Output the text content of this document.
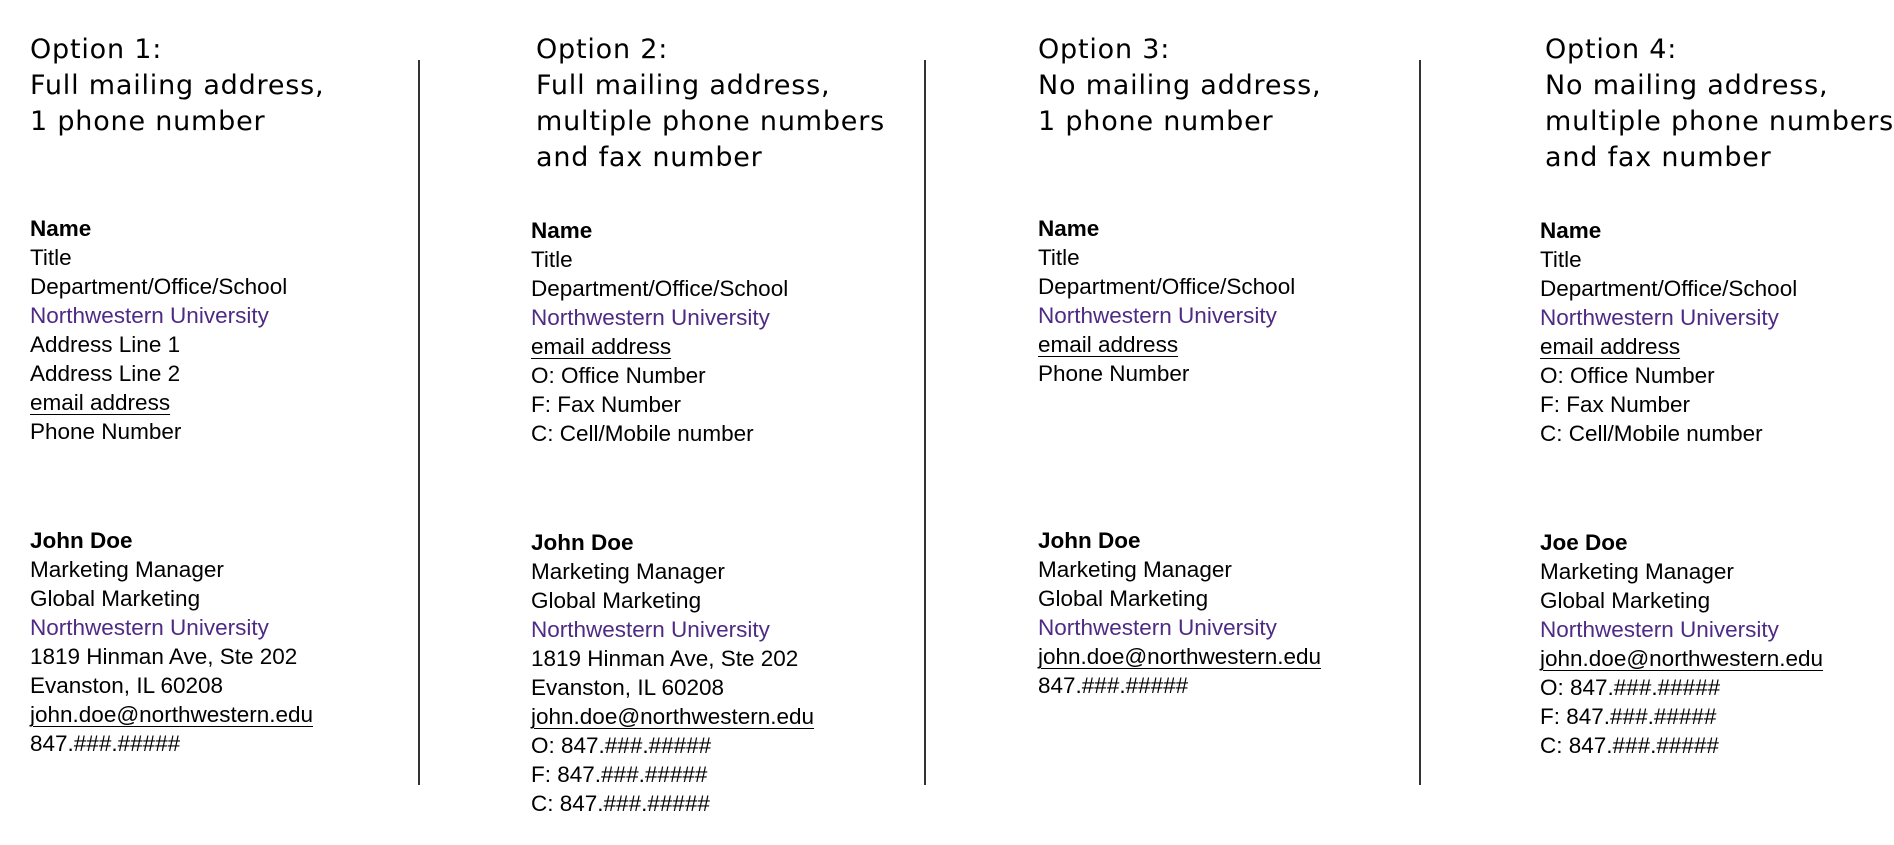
Option 1:
Full mailing address,
1 phone number
Name
Title
Department/Office/School
Northwestern University
Address Line 1
Address Line 2
email address
Phone Number
John Doe
Marketing Manager
Global Marketing
Northwestern University
1819 Hinman Ave, Ste 202
Evanston, IL 60208
john.doe@northwestern.edu
847.###.#####
Option 2:
Full mailing address,
multiple phone numbers
and fax number
Name
Title
Department/Office/School
Northwestern University
email address
O: Office Number
F: Fax Number
C: Cell/Mobile number
John Doe
Marketing Manager
Global Marketing
Northwestern University
1819 Hinman Ave, Ste 202
Evanston, IL 60208
john.doe@northwestern.edu
O: 847.###.#####
F: 847.###.#####
C: 847.###.#####
Option 3:
No mailing address,
1 phone number
Name
Title
Department/Office/School
Northwestern University
email address
Phone Number
John Doe
Marketing Manager
Global Marketing
Northwestern University
john.doe@northwestern.edu
847.###.#####
Option 4:
No mailing address,
multiple phone numbers
and fax number
Name
Title
Department/Office/School
Northwestern University
email address
O: Office Number
F: Fax Number
C: Cell/Mobile number
Joe Doe
Marketing Manager
Global Marketing
Northwestern University
john.doe@northwestern.edu
O: 847.###.#####
F: 847.###.#####
C: 847.###.#####
